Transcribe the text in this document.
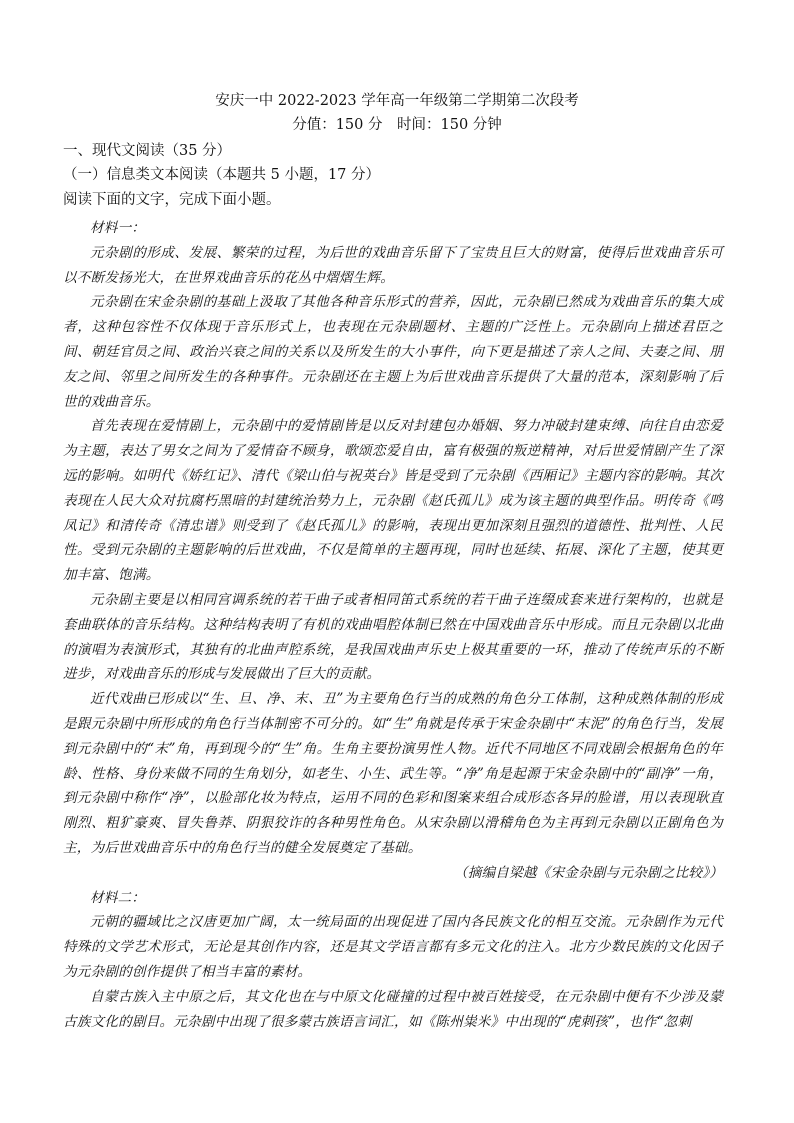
安庆一中 2022-2023 学年高一年级第二学期第二次段考
分值：150 分　时间：150 分钟
一、现代文阅读（35 分）
（一）信息类文本阅读（本题共 5 小题，17 分）
阅读下面的文字，完成下面小题。

材料一：

元杂剧的形成、发展、繁荣的过程，为后世的戏曲音乐留下了宝贵且巨大的财富，使得后世戏曲音乐可以不断发扬光大，在世界戏曲音乐的花丛中熠熠生辉。

元杂剧在宋金杂剧的基础上汲取了其他各种音乐形式的营养，因此，元杂剧已然成为戏曲音乐的集大成者，这种包容性不仅体现于音乐形式上，也表现在元杂剧题材、主题的广泛性上。元杂剧向上描述君臣之间、朝廷官员之间、政治兴衰之间的关系以及所发生的大小事件，向下更是描述了亲人之间、夫妻之间、朋友之间、邻里之间所发生的各种事件。元杂剧还在主题上为后世戏曲音乐提供了大量的范本，深刻影响了后世的戏曲音乐。

首先表现在爱情剧上，元杂剧中的爱情剧皆是以反对封建包办婚姻、努力冲破封建束缚、向往自由恋爱为主题，表达了男女之间为了爱情奋不顾身，歌颂恋爱自由，富有极强的叛逆精神，对后世爱情剧产生了深远的影响。如明代《娇红记》、清代《梁山伯与祝英台》皆是受到了元杂剧《西厢记》主题内容的影响。其次表现在人民大众对抗腐朽黑暗的封建统治势力上，元杂剧《赵氏孤儿》成为该主题的典型作品。明传奇《鸣凤记》和清传奇《清忠谱》则受到了《赵氏孤儿》的影响，表现出更加深刻且强烈的道德性、批判性、人民性。受到元杂剧的主题影响的后世戏曲，不仅是简单的主题再现，同时也延续、拓展、深化了主题，使其更加丰富、饱满。

元杂剧主要是以相同宫调系统的若干曲子或者相同笛式系统的若干曲子连缀成套来进行架构的，也就是套曲联体的音乐结构。这种结构表明了有机的戏曲唱腔体制已然在中国戏曲音乐中形成。而且元杂剧以北曲的演唱为表演形式，其独有的北曲声腔系统，是我国戏曲声乐史上极其重要的一环，推动了传统声乐的不断进步，对戏曲音乐的形成与发展做出了巨大的贡献。

近代戏曲已形成以“生、旦、净、末、丑”为主要角色行当的成熟的角色分工体制，这种成熟体制的形成是跟元杂剧中所形成的角色行当体制密不可分的。如“生”角就是传承于宋金杂剧中“末泥”的角色行当，发展到元杂剧中的“末”角，再到现今的“生”角。生角主要扮演男性人物。近代不同地区不同戏剧会根据角色的年龄、性格、身份来做不同的生角划分，如老生、小生、武生等。“净”角是起源于宋金杂剧中的“副净”一角，到元杂剧中称作“净”，以脸部化妆为特点，运用不同的色彩和图案来组合成形态各异的脸谱，用以表现耿直刚烈、粗犷豪爽、冒失鲁莽、阴狠狡诈的各种男性角色。从宋杂剧以滑稽角色为主再到元杂剧以正剧角色为主，为后世戏曲音乐中的角色行当的健全发展奠定了基础。

（摘编自梁越《宋金杂剧与元杂剧之比较》）

材料二：

元朝的疆域比之汉唐更加广阔，太一统局面的出现促进了国内各民族文化的相互交流。元杂剧作为元代特殊的文学艺术形式，无论是其创作内容，还是其文学语言都有多元文化的注入。北方少数民族的文化因子为元杂剧的创作提供了相当丰富的素材。

自蒙古族入主中原之后，其文化也在与中原文化碰撞的过程中被百姓接受，在元杂剧中便有不少涉及蒙古族文化的剧目。元杂剧中出现了很多蒙古族语言词汇，如《陈州粜米》中出现的“虎刺孩”，也作“忽刺
